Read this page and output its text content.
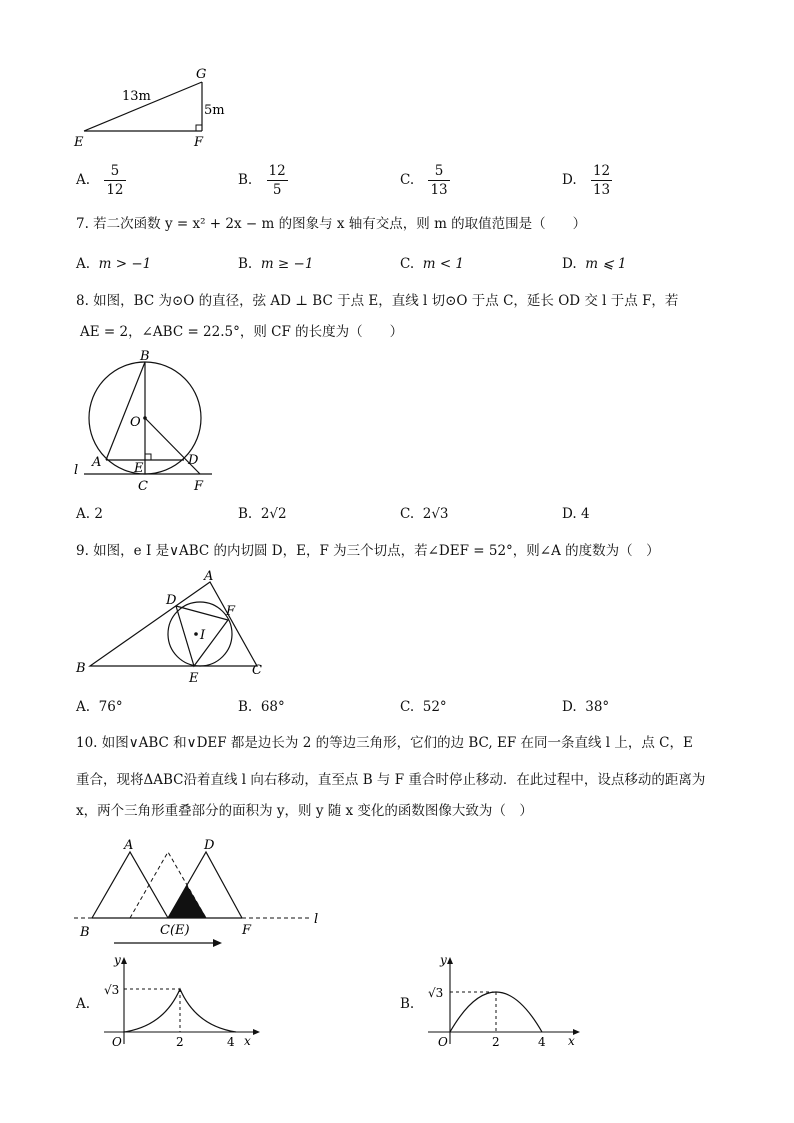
13m
5m
G
E	F
A. $\frac{5}{12}$	B. $\frac{12}{5}$	C. $\frac{5}{13}$	D. $\frac{12}{13}$
7. 若二次函数 y = x² + 2x − m 的图象与 x 轴有交点，则 m 的取值范围是（　　）
A. m > −1	B. m ≥ −1	C. m < 1	D. m ⩽ 1
8. 如图，BC 为⊙O 的直径，弦 AD ⊥ BC 于点 E，直线 l 切⊙O 于点 C，延长 OD 交 l 于点 F，若
AE = 2，∠ABC = 22.5°，则 CF 的长度为（　　）
B
O
A	E
D
C	F
l
A. 2	B. 2√2	C. 2√3	D. 4
9. 如图，e I 是∨ABC 的内切圆 D，E，F 为三个切点，若∠DEF = 52°，则∠A 的度数为（　）
A
B	C
D
E
F
I
A. 76°	B. 68°	C. 52°	D. 38°
10. 如图∨ABC 和∨DEF 都是边长为 2 的等边三角形，它们的边 BC, EF 在同一条直线 l 上，点 C，E
重合，现将ΔABC沿着直线 l 向右移动，直至点 B 与 F 重合时停止移动．在此过程中，设点移动的距离为
x，两个三角形重叠部分的面积为 y，则 y 随 x 变化的函数图像大致为（　）
A	D
B	C(E)	F
l
A.
y
x
O	2	4
√3
B.
y
x
O	2	4
√3
